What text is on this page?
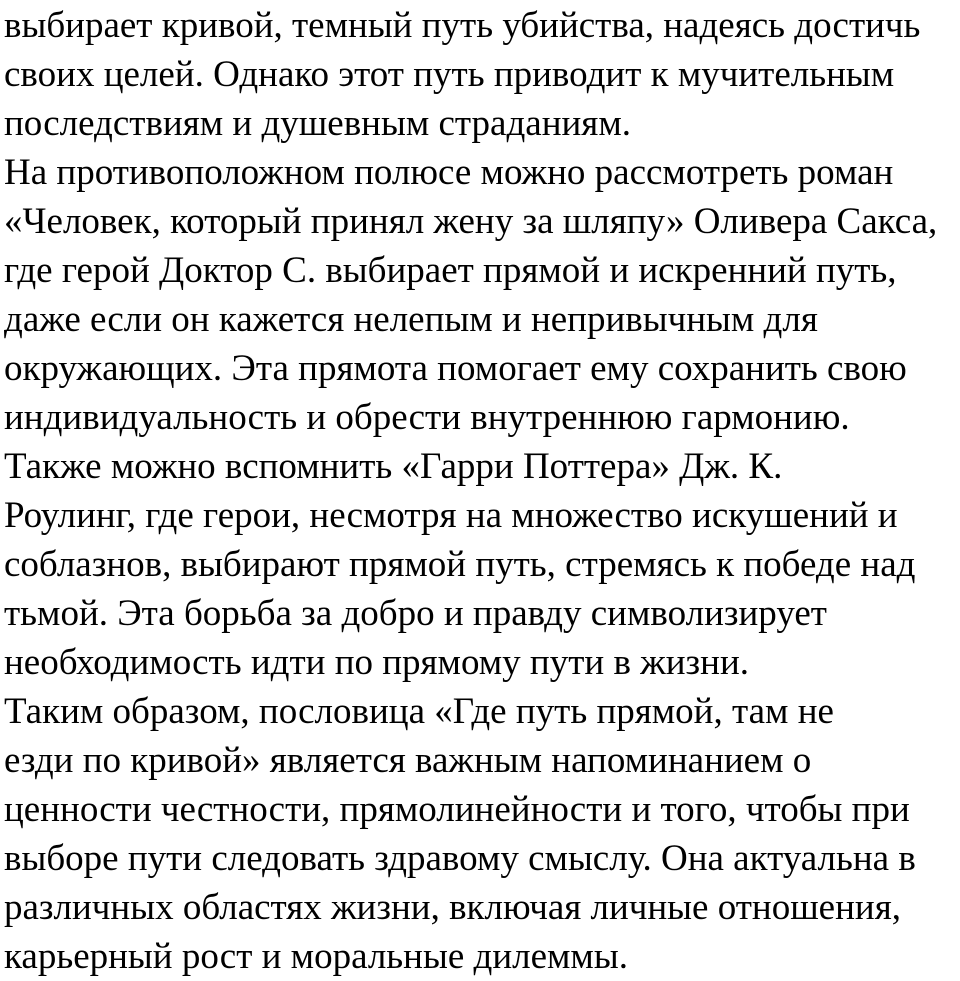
выбирает кривой, темный путь убийства, надеясь достичь
своих целей. Однако этот путь приводит к мучительным
последствиям и душевным страданиям.
На противоположном полюсе можно рассмотреть роман
«Человек, который принял жену за шляпу» Оливера Сакса,
где герой Доктор С. выбирает прямой и искренний путь,
даже если он кажется нелепым и непривычным для
окружающих. Эта прямота помогает ему сохранить свою
индивидуальность и обрести внутреннюю гармонию.
Также можно вспомнить «Гарри Поттера» Дж. К.
Роулинг, где герои, несмотря на множество искушений и
соблазнов, выбирают прямой путь, стремясь к победе над
тьмой. Эта борьба за добро и правду символизирует
необходимость идти по прямому пути в жизни.
Таким образом, пословица «Где путь прямой, там не
езди по кривой» является важным напоминанием о
ценности честности, прямолинейности и того, чтобы при
выборе пути следовать здравому смыслу. Она актуальна в
различных областях жизни, включая личные отношения,
карьерный рост и моральные дилеммы.
